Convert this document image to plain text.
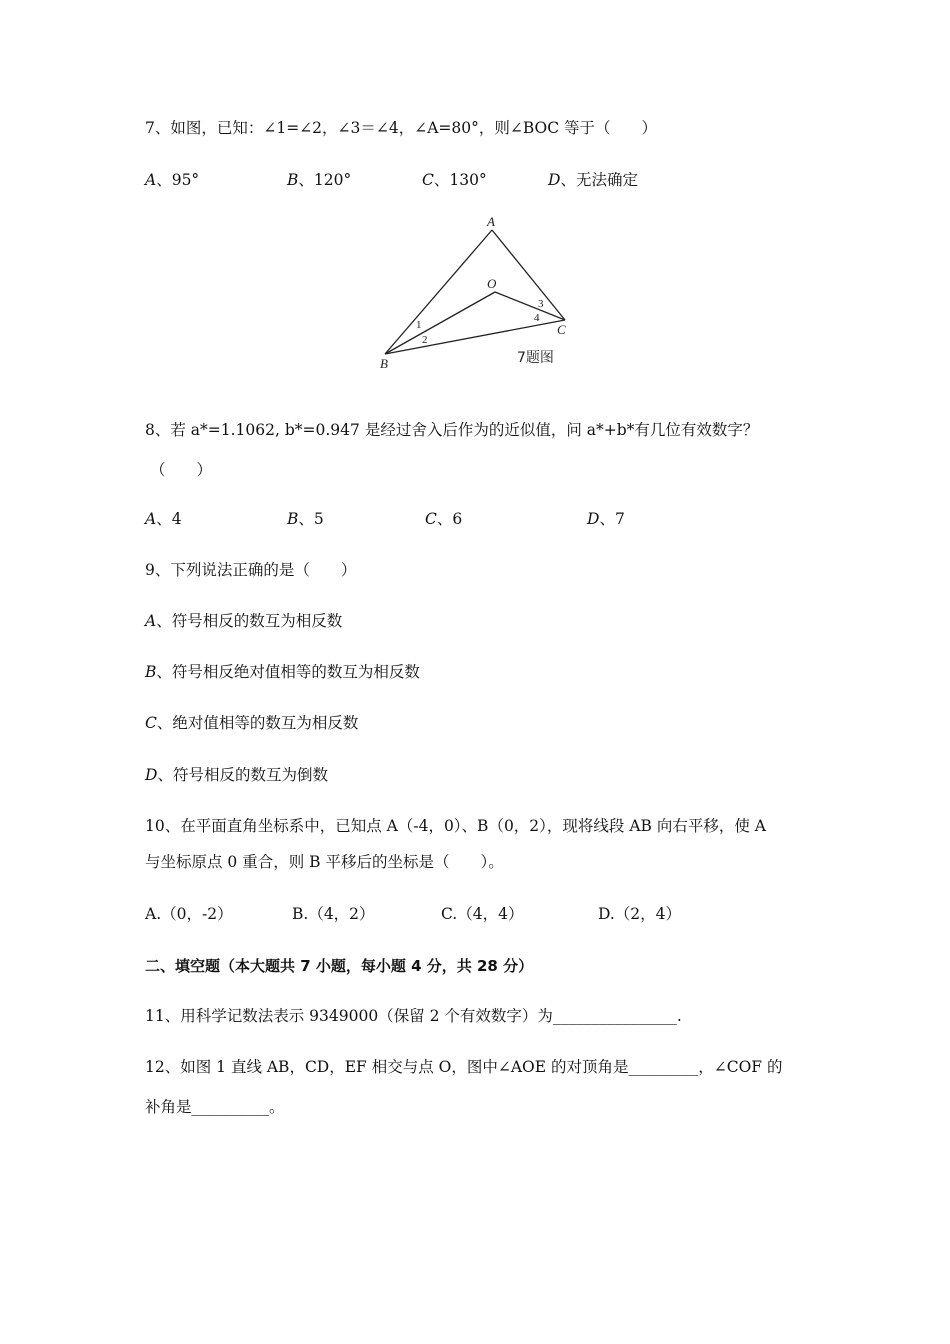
7、如图，已知：∠1=∠2，∠3＝∠4，∠A=80°，则∠BOC 等于（　　）
A、95°	B、120°	C、130°	D、无法确定
A
O
B
C
1
2
3
4
7题图
8、若 a*=1.1062, b*=0.947 是经过舍入后作为的近似值，问 a*+b*有几位有效数字？
（　　）
A、4	B、5	C、6	D、7
9、下列说法正确的是（　　）
A、符号相反的数互为相反数
B、符号相反绝对值相等的数互为相反数
C、绝对值相等的数互为相反数
D、符号相反的数互为倒数
10、在平面直角坐标系中，已知点 A（-4，0）、B（0，2），现将线段 AB 向右平移，使 A
与坐标原点 0 重合，则 B 平移后的坐标是（　　）。
A.（0，-2）	B.（4，2）	C.（4，4）	D.（2，4）
二、填空题（本大题共 7 小题，每小题 4 分，共 28 分）
11、用科学记数法表示 9349000（保留 2 个有效数字）为________________.
12、如图 1 直线 AB，CD，EF 相交与点 O，图中∠AOE 的对顶角是_________，∠COF 的
补角是__________。
